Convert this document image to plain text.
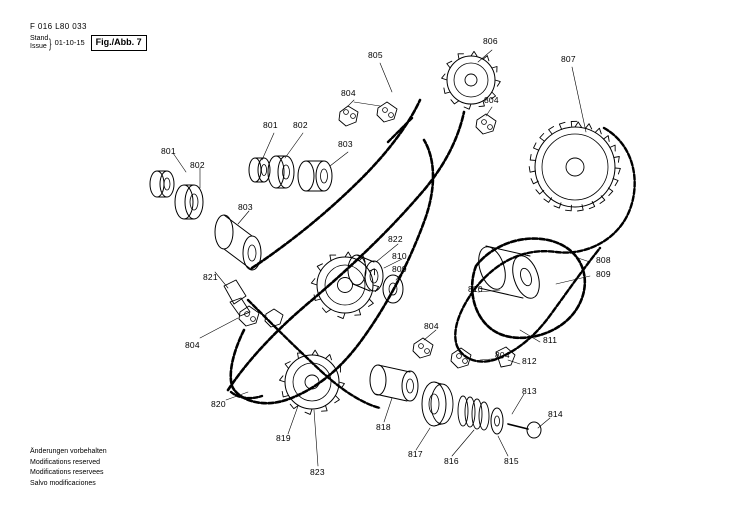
F 016 L80 033
Stand
Issue } 01-10-15	Fig./Abb. 7
Änderungen vorbehalten
Modifications reserved
Modifications reservees
Salvo modificaciones
801
802
803
821
804
820
801 802
803
804
805
806
804
807
822
810
809
808
809
810
811
804
804
812
813
814
815
816
817
818
819
823
